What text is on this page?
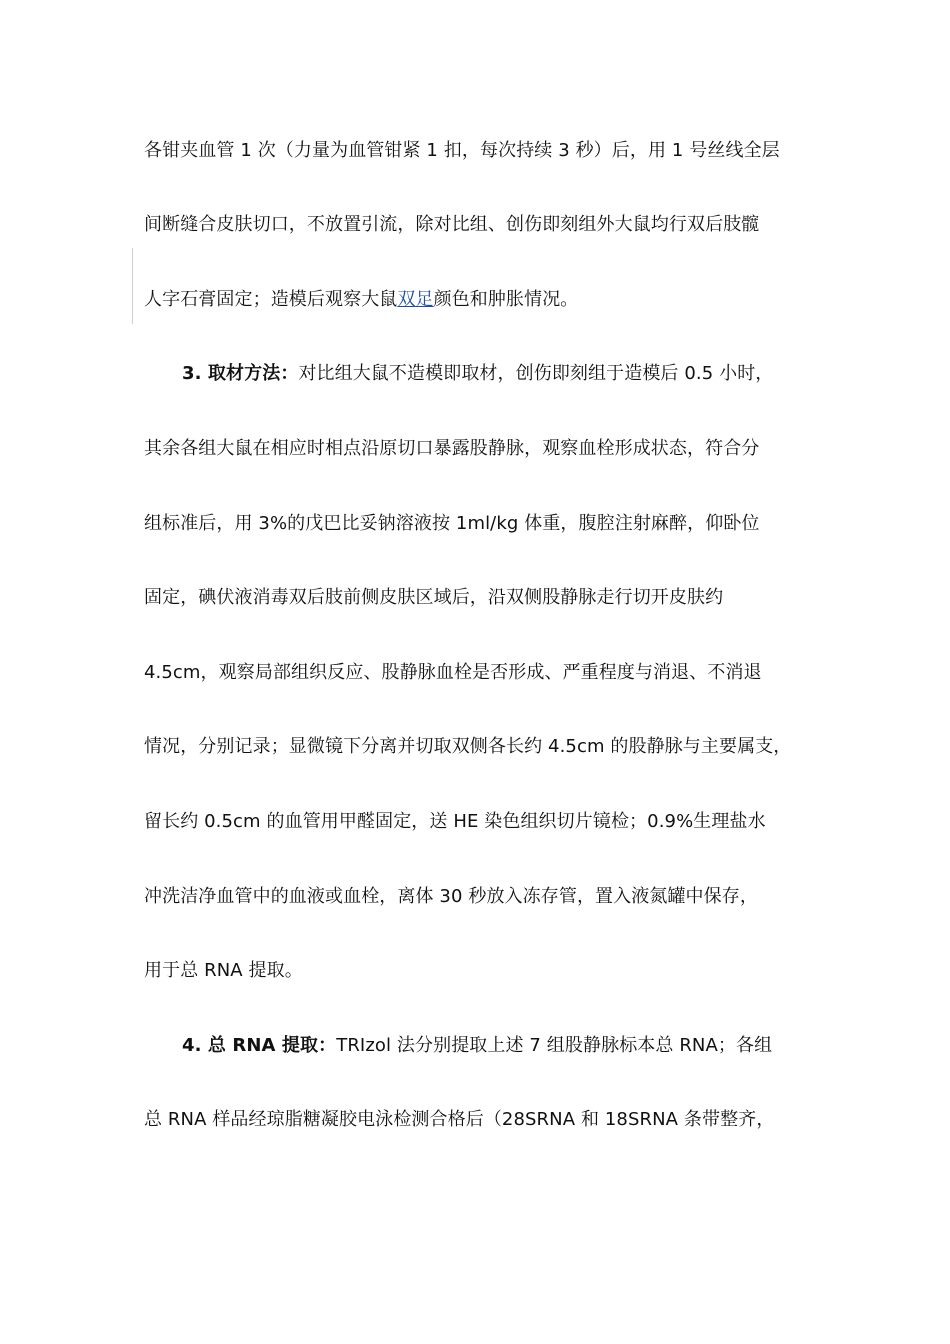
各钳夹血管 1 次（力量为血管钳紧 1 扣，每次持续 3 秒）后，用 1 号丝线全层
间断缝合皮肤切口，不放置引流，除对比组、创伤即刻组外大鼠均行双后肢髋
人字石膏固定；造模后观察大鼠双足颜色和肿胀情况。
3. 取材方法：对比组大鼠不造模即取材，创伤即刻组于造模后 0.5 小时，
其余各组大鼠在相应时相点沿原切口暴露股静脉，观察血栓形成状态，符合分
组标准后，用 3%的戊巴比妥钠溶液按 1ml/kg 体重，腹腔注射麻醉，仰卧位
固定，碘伏液消毒双后肢前侧皮肤区域后，沿双侧股静脉走行切开皮肤约
4.5cm，观察局部组织反应、股静脉血栓是否形成、严重程度与消退、不消退
情况，分别记录；显微镜下分离并切取双侧各长约 4.5cm 的股静脉与主要属支，
留长约 0.5cm 的血管用甲醛固定，送 HE 染色组织切片镜检；0.9%生理盐水
冲洗洁净血管中的血液或血栓，离体 30 秒放入冻存管，置入液氮罐中保存，
用于总 RNA 提取。
4. 总 RNA 提取：TRIzol 法分别提取上述 7 组股静脉标本总 RNA；各组
总 RNA 样品经琼脂糖凝胶电泳检测合格后（28SRNA 和 18SRNA 条带整齐，
